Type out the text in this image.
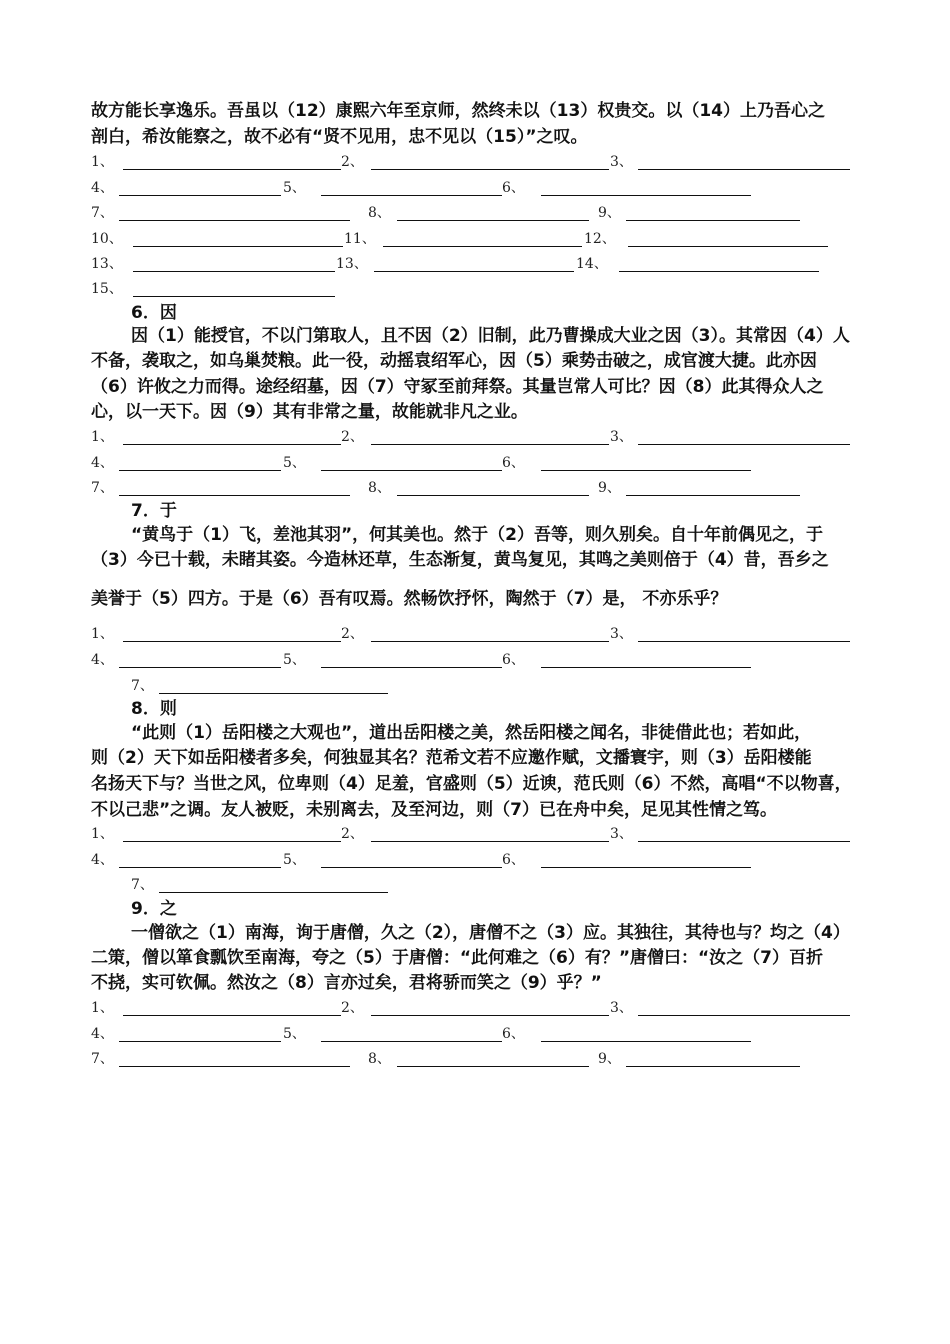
故方能长享逸乐。吾虽以（12）康熙六年至京师，然终未以（13）权贵交。以（14）上乃吾心之
剖白，希汝能察之，故不必有“贤不见用，忠不见以（15）”之叹。
1、	2、	3、
4、	5、	6、
7、	8、	9、
10、	11、	12、
13、	13、	14、
15、
6．因
因（1）能授官，不以门第取人，且不因（2）旧制，此乃曹操成大业之因（3）。其常因（4）人
不备，袭取之，如乌巢焚粮。此一役，动摇袁绍军心，因（5）乘势击破之，成官渡大捷。此亦因
（6）许攸之力而得。途经绍墓，因（7）守冢至前拜祭。其量岂常人可比？因（8）此其得众人之
心，以一天下。因（9）其有非常之量，故能就非凡之业。
1、	2、	3、
4、	5、	6、
7、	8、	9、
7．于
“黄鸟于（1）飞，差池其羽”，何其美也。然于（2）吾等，则久别矣。自十年前偶见之，于
（3）今已十载，未睹其姿。今造林还草，生态渐复，黄鸟复见，其鸣之美则倍于（4）昔，吾乡之
美誉于（5）四方。于是（6）吾有叹焉。然畅饮抒怀，陶然于（7）是， 不亦乐乎？
1、	2、	3、
4、	5、	6、
7、
8．则
“此则（1）岳阳楼之大观也”，道出岳阳楼之美，然岳阳楼之闻名，非徒借此也；若如此，
则（2）天下如岳阳楼者多矣，何独显其名？范希文若不应邀作赋，文播寰宇，则（3）岳阳楼能
名扬天下与？当世之风，位卑则（4）足羞，官盛则（5）近谀，范氏则（6）不然，高唱“不以物喜，
不以己悲”之调。友人被贬，未别离去，及至河边，则（7）已在舟中矣，足见其性情之笃。
1、	2、	3、
4、	5、	6、
7、
9．之
一僧欲之（1）南海，询于唐僧，久之（2），唐僧不之（3）应。其独往，其待也与？均之（4）
二策，僧以箪食瓢饮至南海，夸之（5）于唐僧：“此何难之（6）有？”唐僧曰：“汝之（7）百折
不挠，实可钦佩。然汝之（8）言亦过矣，君将骄而笑之（9）乎？”
1、	2、	3、
4、	5、	6、
7、	8、	9、
